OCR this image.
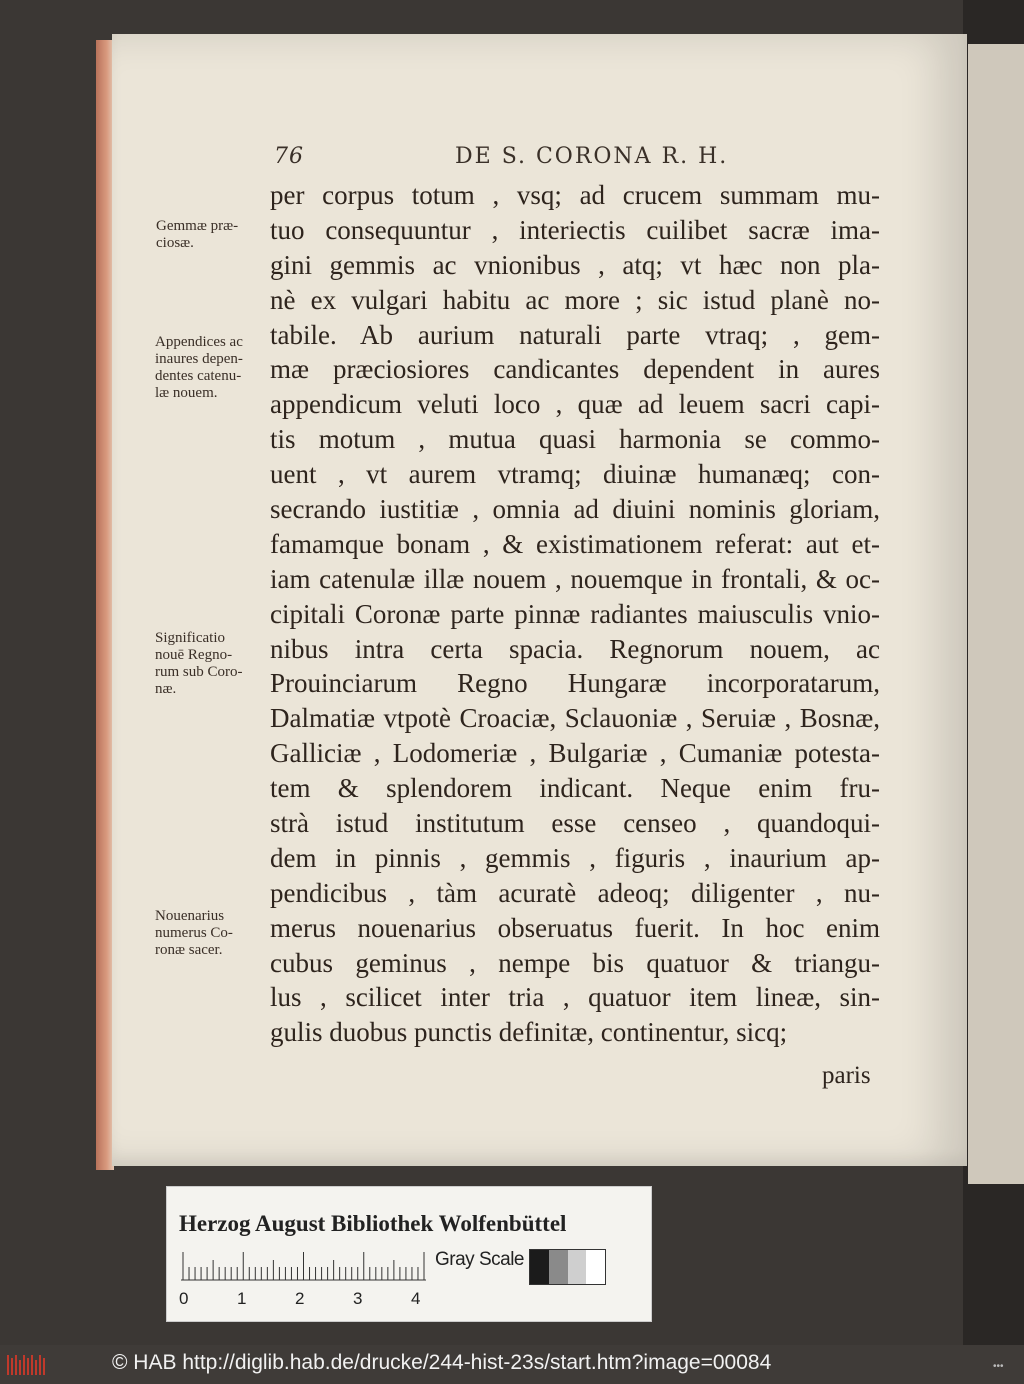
76	DE S. CORONA R. H.
Gemmæ præ-
ciosæ.
Appendices ac
inaures depen-
dentes catenu-
læ nouem.
Significatio
nouē Regno-
rum sub Coro-
næ.
Nouenarius
numerus Co-
ronæ sacer.
per corpus totum , vsq; ad crucem summam mu-
tuo consequuntur , interiectis cuilibet sacræ ima-
gini gemmis ac vnionibus , atq; vt hæc non pla-
nè ex vulgari habitu ac more ; sic istud planè no-
tabile. Ab aurium naturali parte vtraq; , gem-
mæ præciosiores candicantes dependent in aures
appendicum veluti loco , quæ ad leuem sacri capi-
tis motum , mutua quasi harmonia se commo-
uent , vt aurem vtramq; diuinæ humanæq; con-
secrando iustitiæ , omnia ad diuini nominis gloriam,
famamque bonam , & existimationem referat: aut et-
iam catenulæ illæ nouem , nouemque in frontali, & oc-
cipitali Coronæ parte pinnæ radiantes maiusculis vnio-
nibus intra certa spacia. Regnorum nouem, ac
Prouinciarum Regno Hungaræ incorporatarum,
Dalmatiæ vtpotè Croaciæ, Sclauoniæ , Seruiæ , Bosnæ,
Galliciæ , Lodomeriæ , Bulgariæ , Cumaniæ potesta-
tem & splendorem indicant. Neque enim fru-
strà istud institutum esse censeo , quandoqui-
dem in pinnis , gemmis , figuris , inaurium ap-
pendicibus , tàm acuratè adeoq; diligenter , nu-
merus nouenarius obseruatus fuerit. In hoc enim
cubus geminus , nempe bis quatuor & triangu-
lus , scilicet inter tria , quatuor item lineæ, sin-
gulis duobus punctis definitæ, continentur, sicq;
paris
Herzog August Bibliothek Wolfenbüttel
0	1	2	3	4
Gray Scale
© HAB http://diglib.hab.de/drucke/244-hist-23s/start.htm?image=00084	•••
